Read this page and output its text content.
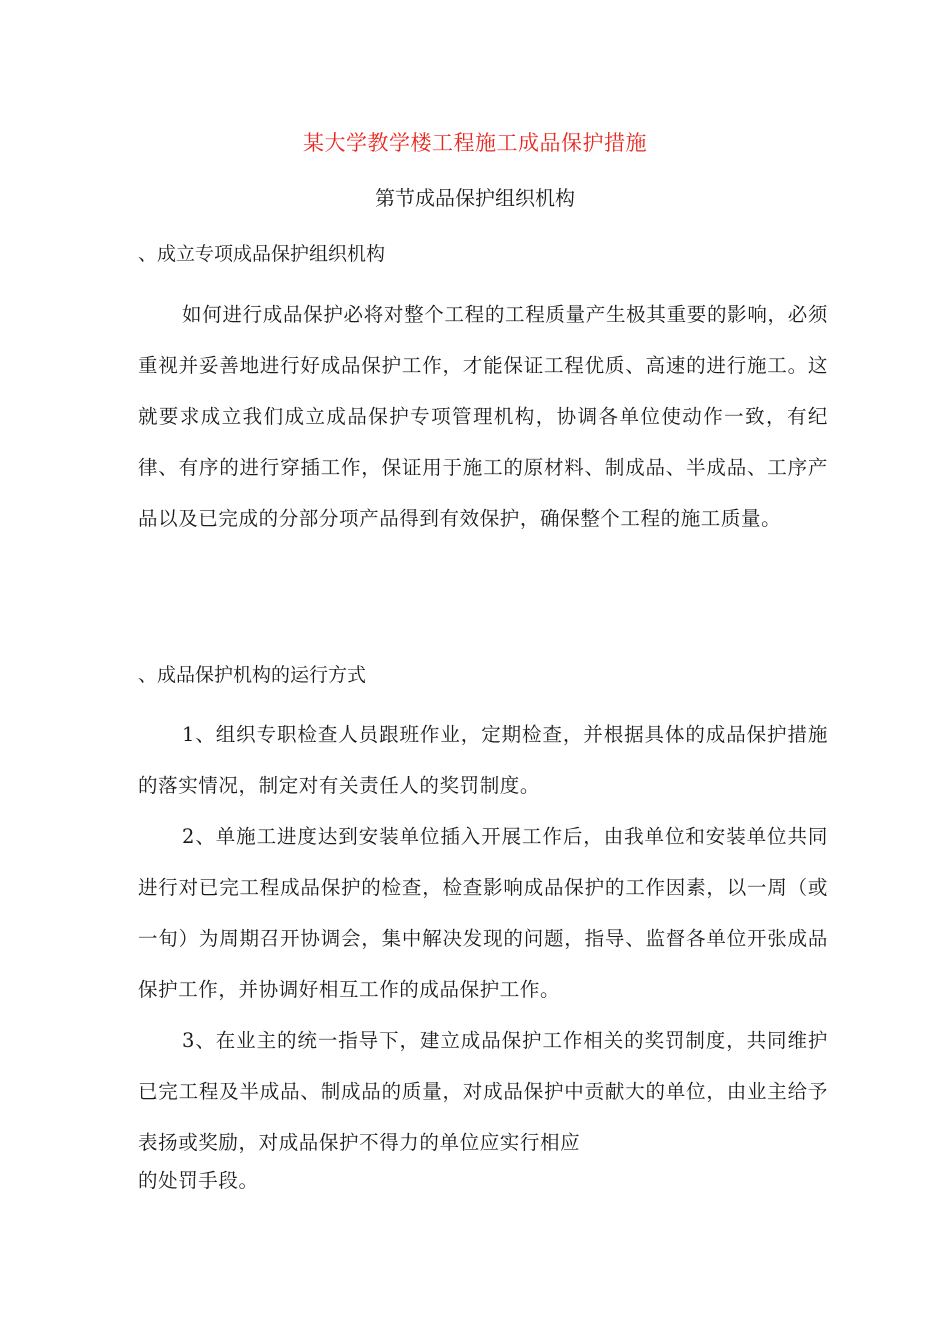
某大学教学楼工程施工成品保护措施
第节成品保护组织机构
、成立专项成品保护组织机构

如何进行成品保护必将对整个工程的工程质量产生极其重要的影响，必须重视并妥善地进行好成品保护工作，才能保证工程优质、高速的进行施工。这就要求成立我们成立成品保护专项管理机构，协调各单位使动作一致，有纪律、有序的进行穿插工作，保证用于施工的原材料、制成品、半成品、工序产品以及已完成的分部分项产品得到有效保护，确保整个工程的施工质量。

、成品保护机构的运行方式

1、组织专职检查人员跟班作业，定期检查，并根据具体的成品保护措施的落实情况，制定对有关责任人的奖罚制度。

2、单施工进度达到安装单位插入开展工作后，由我单位和安装单位共同进行对已完工程成品保护的检查，检查影响成品保护的工作因素，以一周（或一旬）为周期召开协调会，集中解决发现的问题，指导、监督各单位开张成品保护工作，并协调好相互工作的成品保护工作。

3、在业主的统一指导下，建立成品保护工作相关的奖罚制度，共同维护已完工程及半成品、制成品的质量，对成品保护中贡献大的单位，由业主给予表扬或奖励，对成品保护不得力的单位应实行相应

的处罚手段。
